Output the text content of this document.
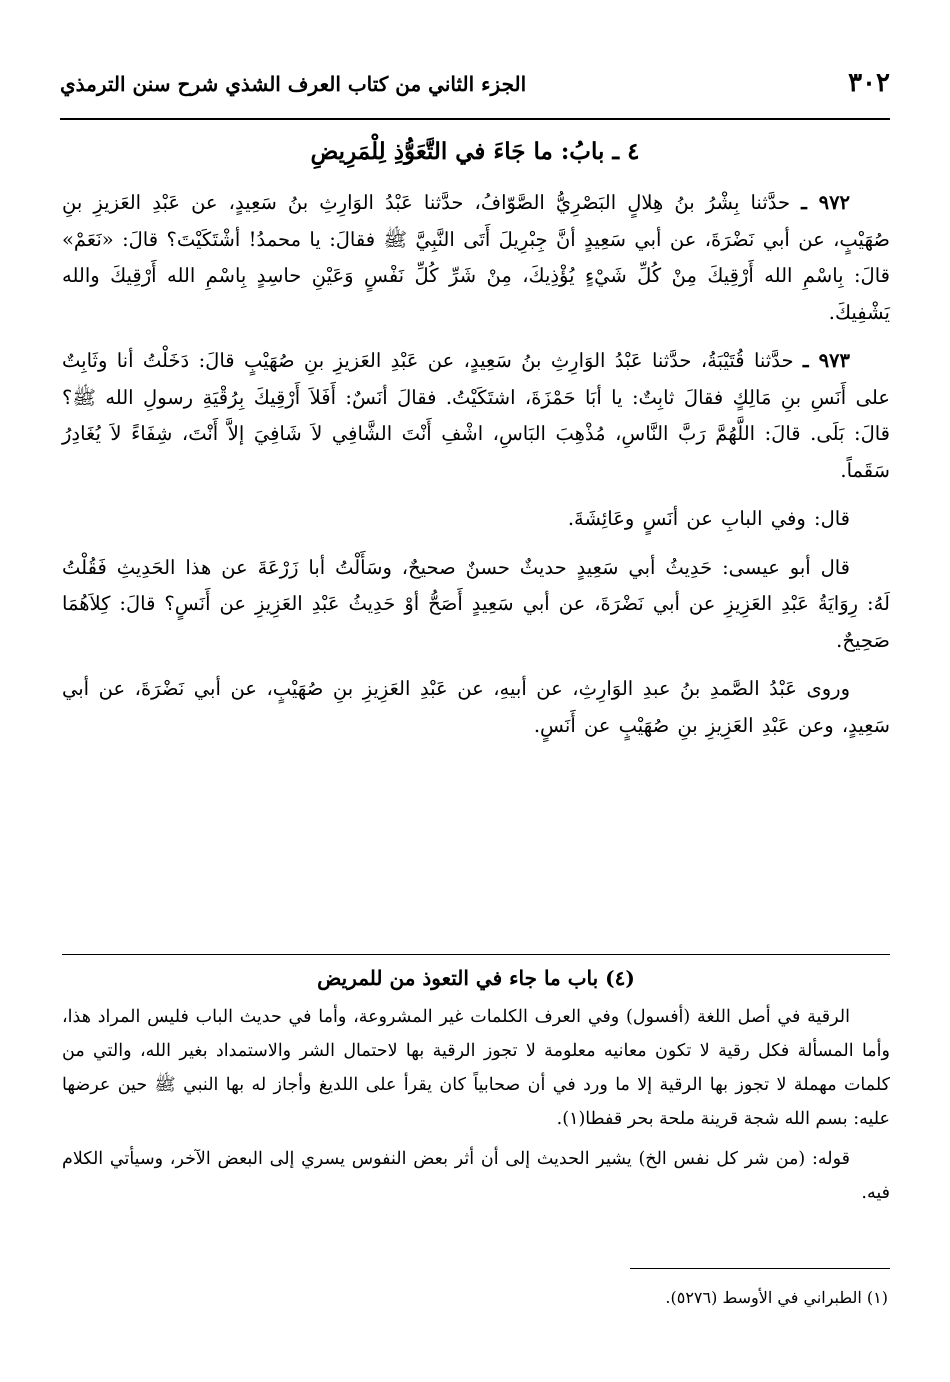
٣٠٢
الجزء الثاني من كتاب العرف الشذي شرح سنن الترمذي
٤ ـ بابُ: ما جَاءَ في التَّعَوُّذِ لِلْمَرِيضِ

٩٧٢ ـ حدَّثنا بِشْرُ بنُ هِلالٍ البَصْرِيُّ الصَّوّافُ، حدَّثنا عَبْدُ الوَارِثِ بنُ سَعِيدٍ، عن عَبْدِ العَزيزِ بنِ صُهَيْبٍ، عن أبي نَضْرَةَ، عن أبي سَعِيدٍ أنَّ جِبْرِيلَ أَتَى النَّبِيَّ ﷺ فقالَ: يا محمدُ! أشْتَكَيْتَ؟ قالَ: «نَعَمْ» قالَ: بِاسْمِ الله أَرْقِيكَ مِنْ كُلِّ شَيْءٍ يُؤْذِيكَ، مِنْ شَرِّ كُلِّ نَفْسٍ وَعَيْنِ حاسِدٍ بِاسْمِ الله أَرْقِيكَ والله يَشْفِيكَ.

٩٧٣ ـ حدَّثنا قُتَيْبَةُ، حدَّثنا عَبْدُ الوَارِثِ بنُ سَعِيدٍ، عن عَبْدِ العَزيزِ بنِ صُهَيْبٍ قالَ: دَخَلْتُ أنا وثَابِتٌ على أَنَسِ بنِ مَالِكٍ فقالَ ثابِتٌ: يا أبَا حَمْزَةَ، اشتَكَيْتُ. فقالَ أنَسٌ: أَفَلاَ أَرْقِيكَ بِرُقْيَةِ رسولِ الله ﷺ؟ قالَ: بَلَى. قالَ: اللَّهُمَّ رَبَّ النَّاسِ، مُذْهِبَ البَاسِ، اشْفِ أَنْتَ الشَّافِي لاَ شَافِيَ إلاَّ أَنْتَ، شِفَاءً لاَ يُغَادِرُ سَقَماً.

قال: وفي البابِ عن أنَسٍ وعَائِشَةَ.

قال أبو عيسى: حَدِيثُ أبي سَعِيدٍ حديثٌ حسنٌ صحيحٌ، وسَأَلْتُ أبا زَرْعَةَ عن هذا الحَدِيثِ فَقُلْتُ لَهُ: رِوَايَةُ عَبْدِ العَزِيزِ عن أبي نَضْرَةَ، عن أبي سَعِيدٍ أَصَحُّ أوْ حَدِيثُ عَبْدِ العَزِيزِ عن أَنَسٍ؟ قالَ: كِلاَهُمَا صَحِيحٌ.

وروى عَبْدُ الصَّمدِ بنُ عبدِ الوَارِثِ، عن أبيهِ، عن عَبْدِ العَزِيزِ بنِ صُهَيْبٍ، عن أبي نَضْرَةَ، عن أبي سَعِيدٍ، وعن عَبْدِ العَزِيزِ بنِ صُهَيْبٍ عن أَنَسٍ.

(٤) باب ما جاء في التعوذ من للمريض

الرقية في أصل اللغة (أفسول) وفي العرف الكلمات غير المشروعة، وأما في حديث الباب فليس المراد هذا، وأما المسألة فكل رقية لا تكون معانيه معلومة لا تجوز الرقية بها لاحتمال الشر والاستمداد بغير الله، والتي من كلمات مهملة لا تجوز بها الرقية إلا ما ورد في أن صحابياً كان يقرأ على اللديغ وأجاز له بها النبي ﷺ حين عرضها عليه: بسم الله شجة قرينة ملحة بحر قفطا(١).

قوله: (من شر كل نفس الخ) يشير الحديث إلى أن أثر بعض النفوس يسري إلى البعض الآخر، وسيأتي الكلام فيه.

(١) الطبراني في الأوسط (٥٢٧٦).
